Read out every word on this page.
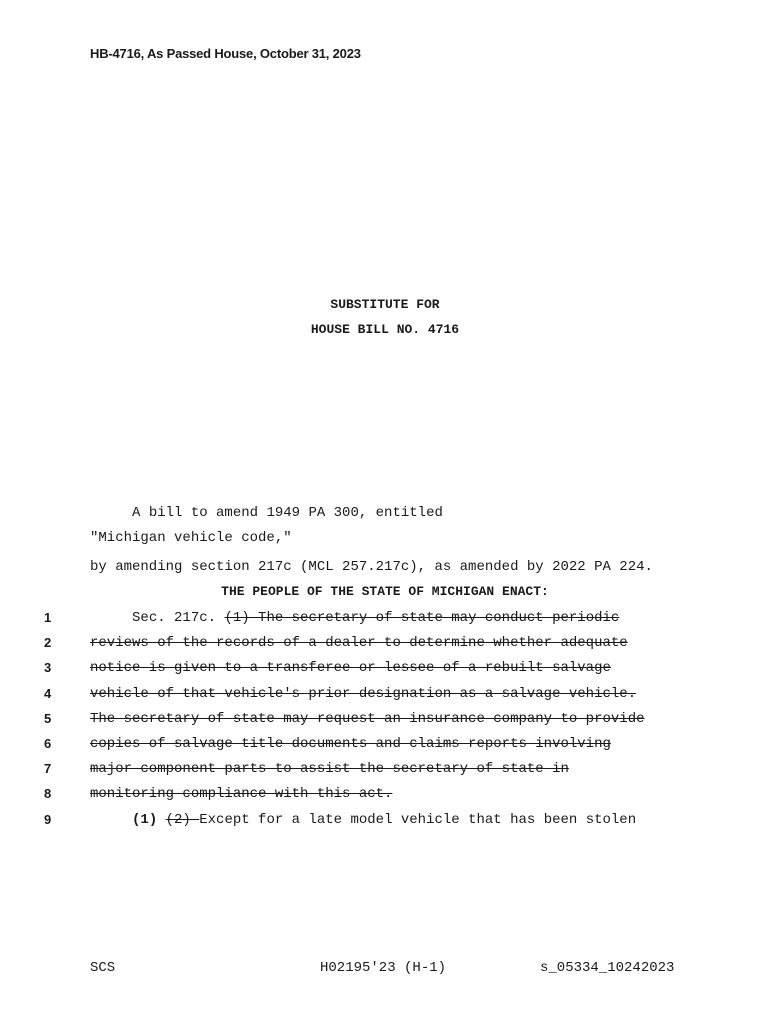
HB-4716, As Passed House, October 31, 2023
SUBSTITUTE FOR
HOUSE BILL NO. 4716
A bill to amend 1949 PA 300, entitled
"Michigan vehicle code,"
by amending section 217c (MCL 257.217c), as amended by 2022 PA 224.
THE PEOPLE OF THE STATE OF MICHIGAN ENACT:
1	Sec. 217c. (1) The secretary of state may conduct periodic
2	reviews of the records of a dealer to determine whether adequate
3	notice is given to a transferee or lessee of a rebuilt salvage
4	vehicle of that vehicle's prior designation as a salvage vehicle.
5	The secretary of state may request an insurance company to provide
6	copies of salvage title documents and claims reports involving
7	major component parts to assist the secretary of state in
8	monitoring compliance with this act.
9	(1) (2) Except for a late model vehicle that has been stolen
SCS	H02195'23 (H-1)	s_05334_10242023
